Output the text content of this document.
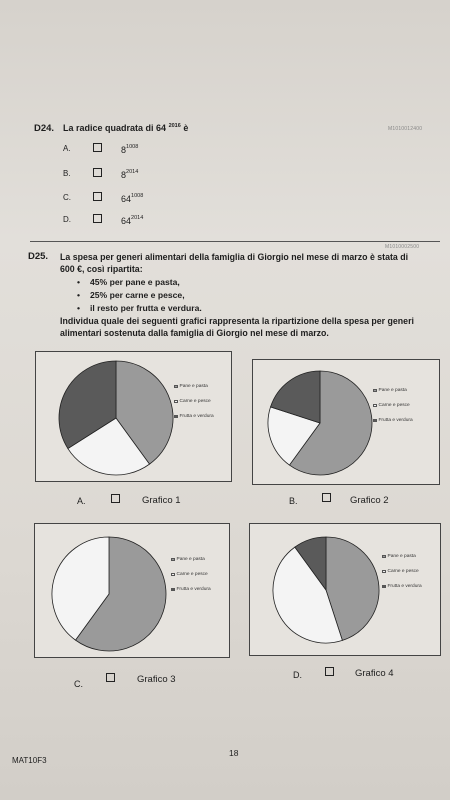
D24. La radice quadrata di 64 $^{2016}$ è	M1010012400
A.	$8^{1008}$
B.	$8^{2014}$
C.	$64^{1008}$
D.	$64^{2014}$
M1010002500
D25. La spesa per generi alimentari della famiglia di Giorgio nel mese di marzo è stata di
600 €, così ripartita:
• 45% per pane e pasta,
• 25% per carne e pesce,
• il resto per frutta e verdura.
Individua quale dei seguenti grafici rappresenta la ripartizione della spesa per generi
alimentari sostenuta dalla famiglia di Giorgio nel mese di marzo.
Pane e pasta
Carne e pesce
Frutta e verdura
Pane e pasta
Carne e pesce
Frutta e verdura
Pane e pasta
Carne e pesce
Frutta e verdura
Pane e pasta
Carne e pesce
Frutta e verdura
A.	Grafico 1	B.	Grafico 2
C.	Grafico 3	D.	Grafico 4
18
MAT10F3
